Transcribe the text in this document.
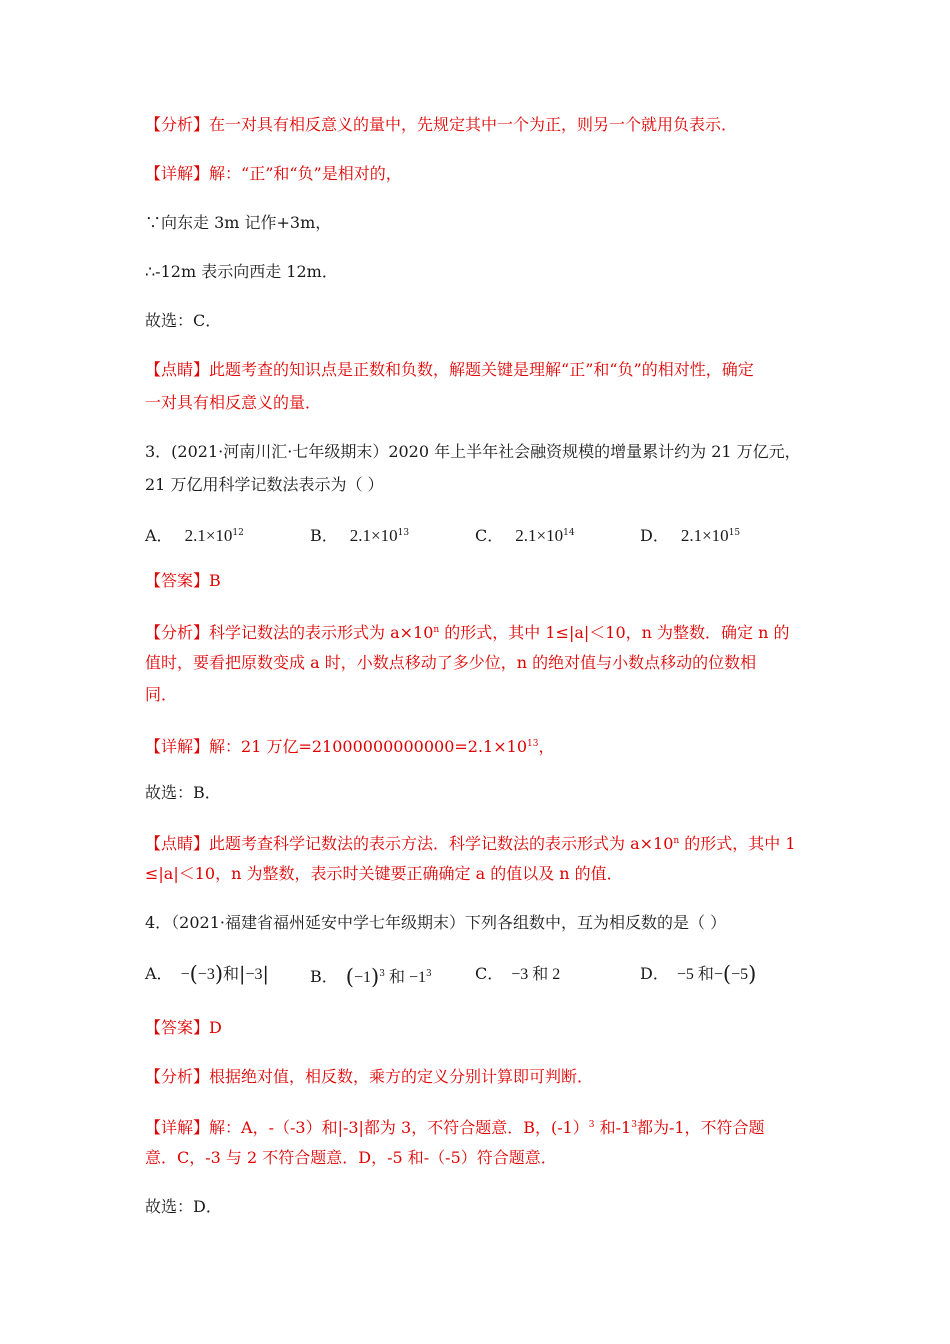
【分析】在一对具有相反意义的量中，先规定其中一个为正，则另一个就用负表示．
【详解】解：“正”和“负”是相对的，
∵向东走 3m 记作+3m，
∴-12m 表示向西走 12m．
故选：C．
【点睛】此题考查的知识点是正数和负数，解题关键是理解“正”和“负”的相对性，确定
一对具有相反意义的量．
3．(2021·河南川汇·七年级期末）2020 年上半年社会融资规模的增量累计约为 21 万亿元，
21 万亿用科学记数法表示为（ ）
A． $2.1\times 10^{12}$	B． $2.1\times 10^{13}$	C． $2.1\times 10^{14}$	D． $2.1\times 10^{15}$
【答案】B
【分析】科学记数法的表示形式为 $a\times 10^n$ 的形式，其中 1≤|a|＜10，n 为整数．确定 n 的
值时，要看把原数变成 a 时，小数点移动了多少位，n 的绝对值与小数点移动的位数相
同．
【详解】解：21 万亿$=21000000000000=2.1\times 10^{13}$，
故选：B．
【点睛】此题考查科学记数法的表示方法．科学记数法的表示形式为 $a\times 10^n$ 的形式，其中 1
≤|a|＜10，n 为整数，表示时关键要正确确定 a 的值以及 n 的值．
4．（2021·福建省福州延安中学七年级期末）下列各组数中，互为相反数的是（ ）
A． −(−3)和|−3|	B． $(-1)^3$ 和 $-1^3$	C． −3 和 2	D． −5 和−(−5)
【答案】D
【分析】根据绝对值，相反数，乘方的定义分别计算即可判断．
【详解】解：A，-（-3）和|-3|都为 3，不符合题意．B，(-1）$^3$ 和$-1^3$都为-1，不符合题
意．C，-3 与 2 不符合题意．D，-5 和-（-5）符合题意．
故选：D．
